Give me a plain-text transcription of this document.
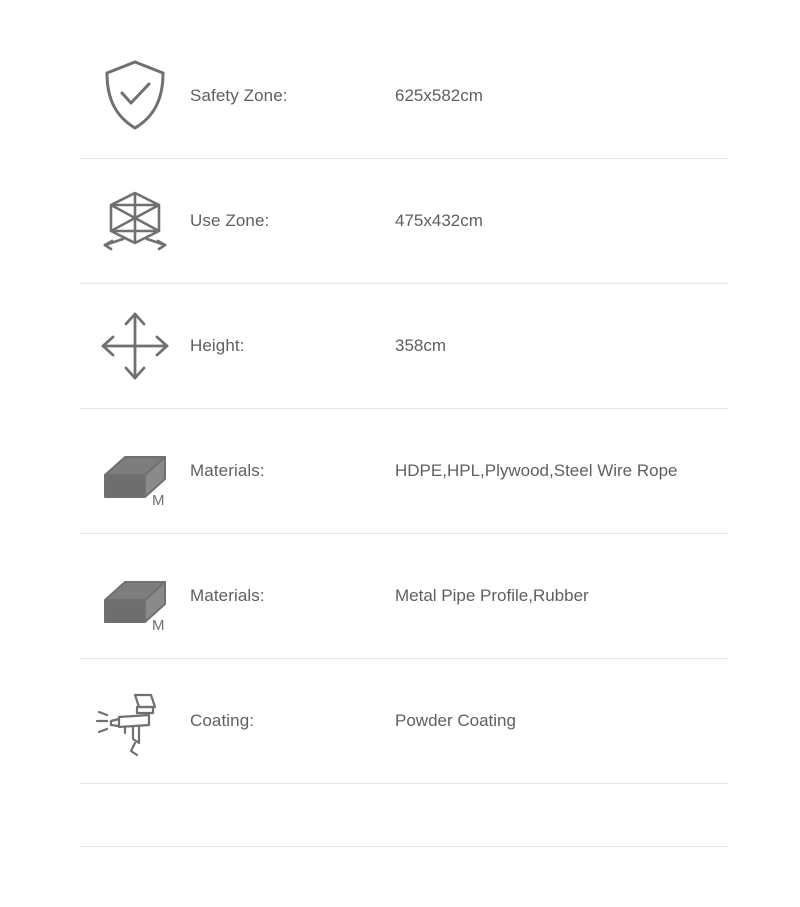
Safety Zone:	625x582cm
Use Zone:	475x432cm
Height:	358cm
M
Materials:	HDPE,HPL,Plywood,Steel Wire Rope
M
Materials:	Metal Pipe Profile,Rubber
Coating:	Powder Coating
